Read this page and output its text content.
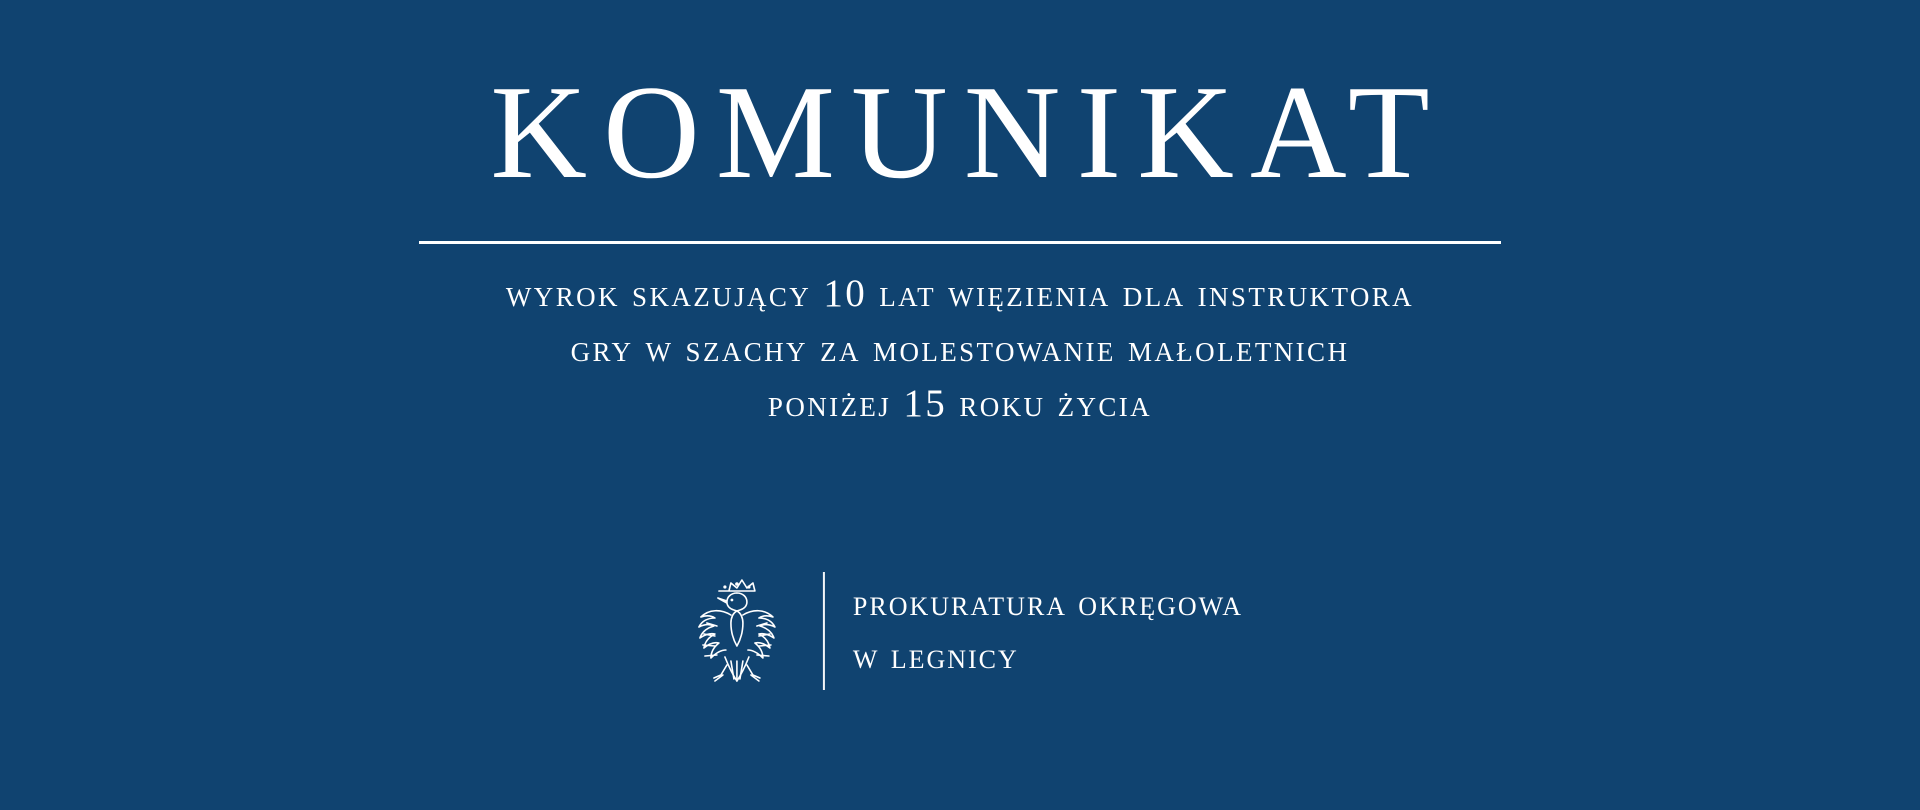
KOMUNIKAT
wyrok skazujący 10 lat więzienia dla instruktora
gry w szachy za molestowanie małoletnich
poniżej 15 roku życia
prokuratura okręgowa
w legnicy
